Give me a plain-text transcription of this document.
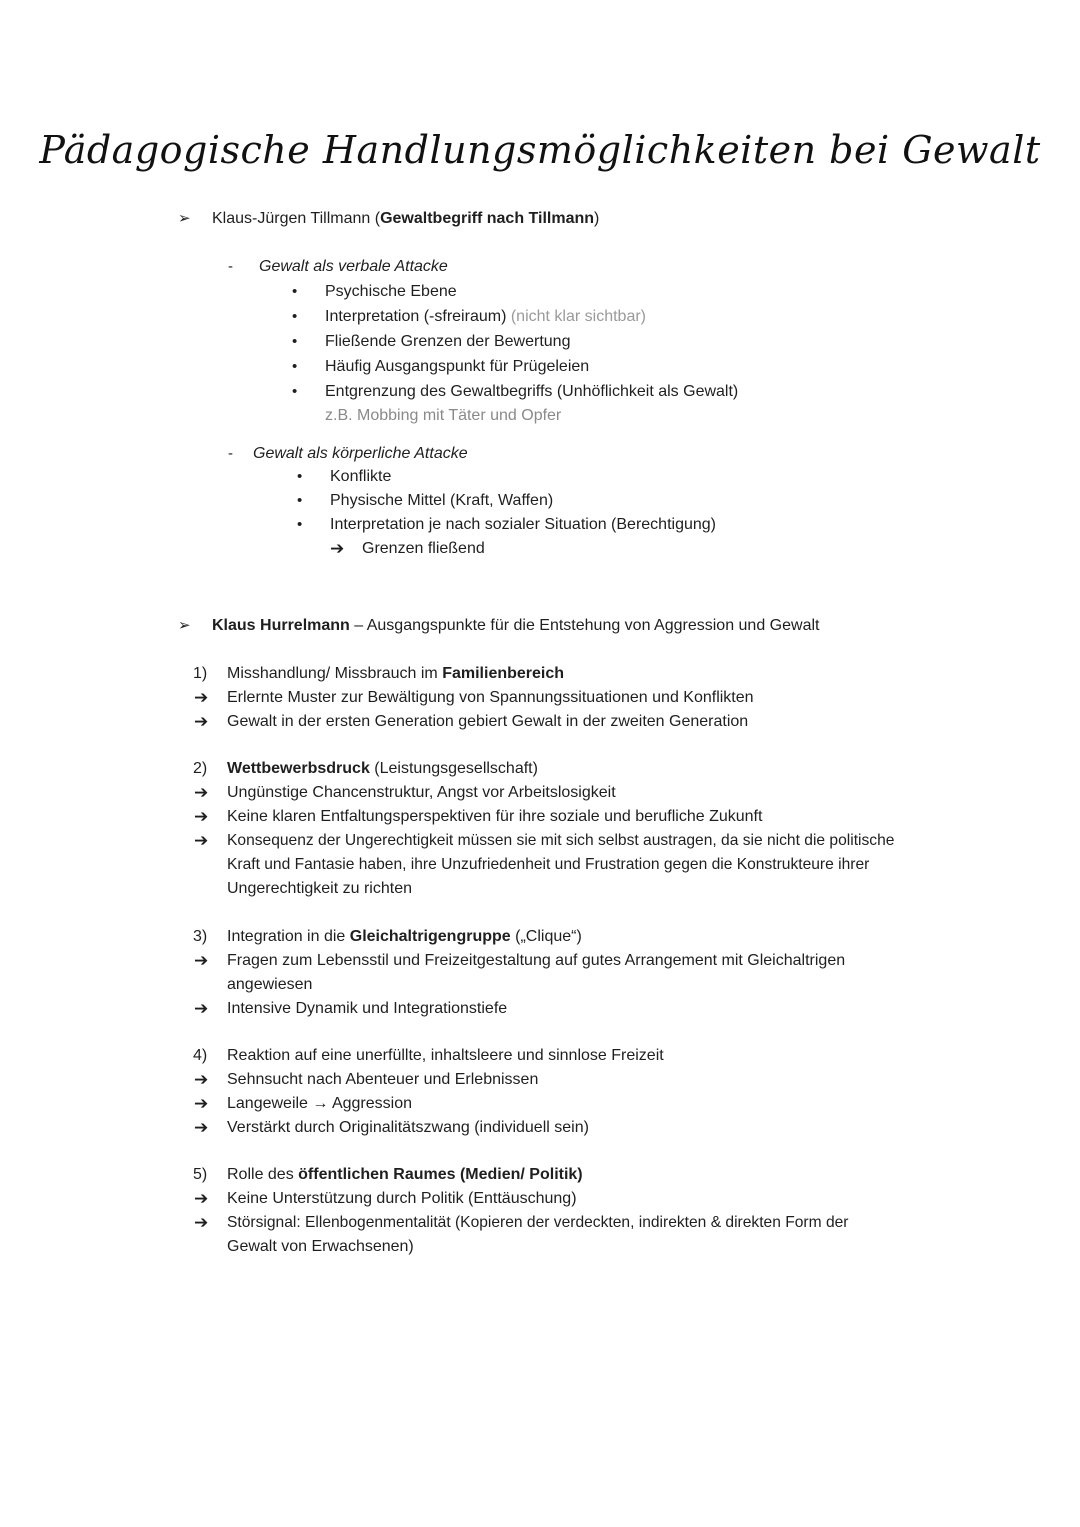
Pädagogische Handlungsmöglichkeiten bei Gewalt
➢ Klaus-Jürgen Tillmann (Gewaltbegriff nach Tillmann)
- Gewalt als verbale Attacke
• Psychische Ebene
• Interpretation (-sfreiraum) (nicht klar sichtbar)
• Fließende Grenzen der Bewertung
• Häufig Ausgangspunkt für Prügeleien
• Entgrenzung des Gewaltbegriffs (Unhöflichkeit als Gewalt)
z.B. Mobbing mit Täter und Opfer
- Gewalt als körperliche Attacke
• Konflikte
• Physische Mittel (Kraft, Waffen)
• Interpretation je nach sozialer Situation (Berechtigung)
➔ Grenzen fließend
➢ Klaus Hurrelmann – Ausgangspunkte für die Entstehung von Aggression und Gewalt
1) Misshandlung/ Missbrauch im Familienbereich
➔ Erlernte Muster zur Bewältigung von Spannungssituationen und Konflikten
➔ Gewalt in der ersten Generation gebiert Gewalt in der zweiten Generation
2) Wettbewerbsdruck (Leistungsgesellschaft)
➔ Ungünstige Chancenstruktur, Angst vor Arbeitslosigkeit
➔ Keine klaren Entfaltungsperspektiven für ihre soziale und berufliche Zukunft
➔ Konsequenz der Ungerechtigkeit müssen sie mit sich selbst austragen, da sie nicht die politische
Kraft und Fantasie haben, ihre Unzufriedenheit und Frustration gegen die Konstrukteure ihrer
Ungerechtigkeit zu richten
3) Integration in die Gleichaltrigengruppe („Clique“)
➔ Fragen zum Lebensstil und Freizeitgestaltung auf gutes Arrangement mit Gleichaltrigen
angewiesen
➔ Intensive Dynamik und Integrationstiefe
4) Reaktion auf eine unerfüllte, inhaltsleere und sinnlose Freizeit
➔ Sehnsucht nach Abenteuer und Erlebnissen
➔ Langeweile → Aggression
➔ Verstärkt durch Originalitätszwang (individuell sein)
5) Rolle des öffentlichen Raumes (Medien/ Politik)
➔ Keine Unterstützung durch Politik (Enttäuschung)
➔ Störsignal: Ellenbogenmentalität (Kopieren der verdeckten, indirekten & direkten Form der
Gewalt von Erwachsenen)
